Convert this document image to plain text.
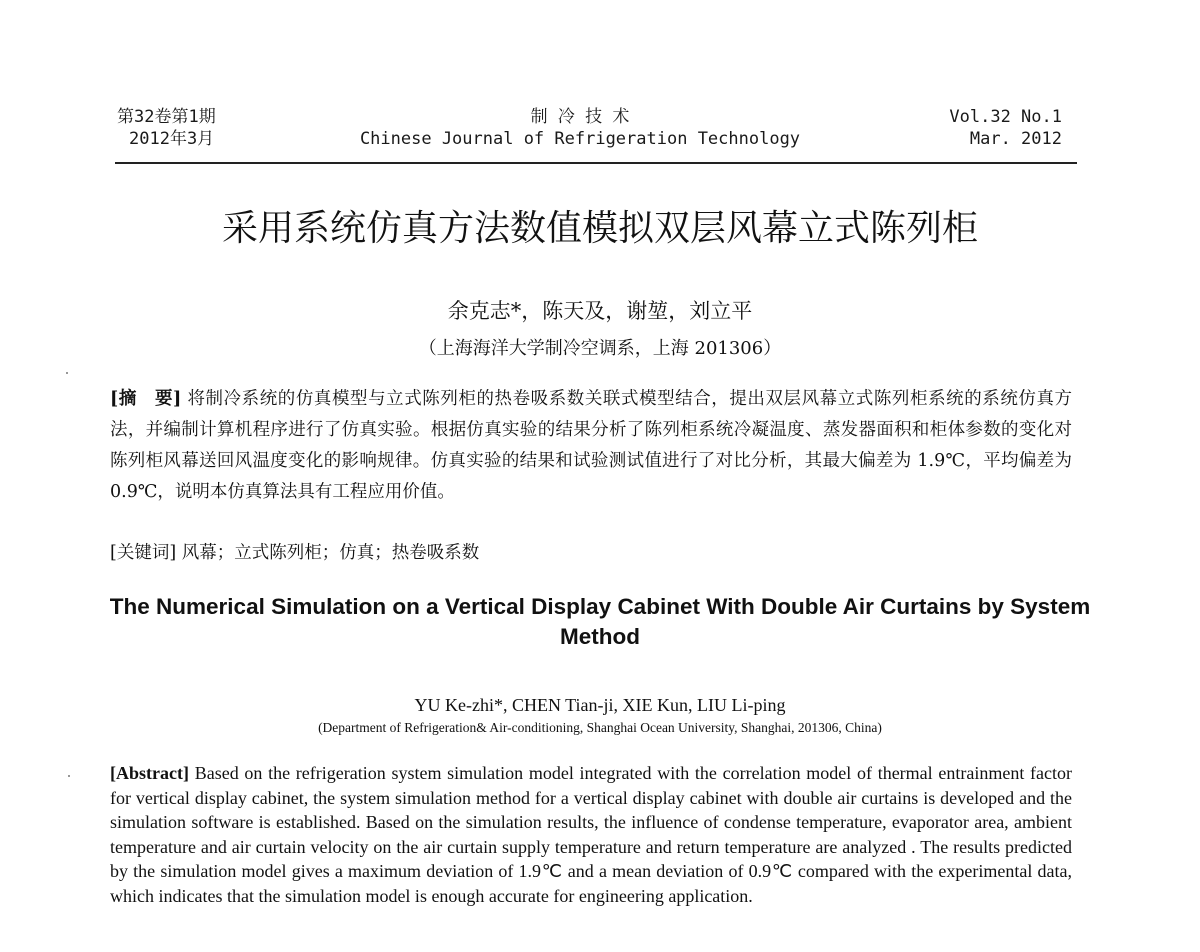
第32卷第1期
2012年3月
制 冷 技 术
Chinese Journal of Refrigeration Technology
Vol.32 No.1
Mar. 2012
采用系统仿真方法数值模拟双层风幕立式陈列柜
余克志*，陈天及，谢堃，刘立平
（上海海洋大学制冷空调系，上海 201306）
[摘　要] 将制冷系统的仿真模型与立式陈列柜的热卷吸系数关联式模型结合，提出双层风幕立式陈列柜系统的系统仿真方法，并编制计算机程序进行了仿真实验。根据仿真实验的结果分析了陈列柜系统冷凝温度、蒸发器面积和柜体参数的变化对陈列柜风幕送回风温度变化的影响规律。仿真实验的结果和试验测试值进行了对比分析，其最大偏差为 1.9℃，平均偏差为 0.9℃，说明本仿真算法具有工程应用价值。
[关键词] 风幕；立式陈列柜；仿真；热卷吸系数
The Numerical Simulation on a Vertical Display Cabinet With Double Air Curtains by System Method
YU Ke-zhi*, CHEN Tian-ji, XIE Kun, LIU Li-ping
(Department of Refrigeration& Air-conditioning, Shanghai Ocean University, Shanghai, 201306, China)
[Abstract] Based on the refrigeration system simulation model integrated with the correlation model of thermal entrainment factor for vertical display cabinet, the system simulation method for a vertical display cabinet with double air curtains is developed and the simulation software is established. Based on the simulation results, the influence of condense temperature, evaporator area, ambient temperature and air curtain velocity on the air curtain supply temperature and return temperature are analyzed . The results predicted by the simulation model gives a maximum deviation of 1.9℃ and a mean deviation of 0.9℃ compared with the experimental data, which indicates that the simulation model is enough accurate for engineering application.
